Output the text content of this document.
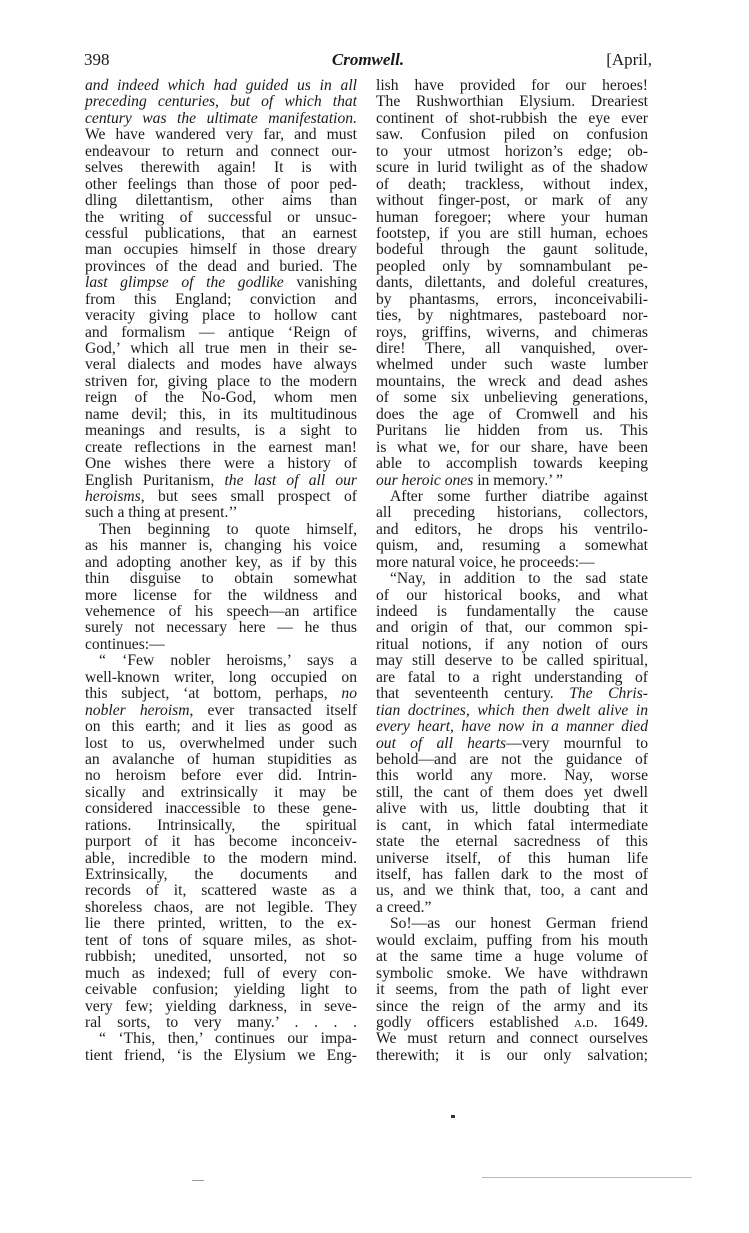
398	Cromwell.	[April,
and indeed which had guided us in all
preceding centuries, but of which that
century was the ultimate manifestation.
We have wandered very far, and must
endeavour to return and connect our-
selves therewith again! It is with
other feelings than those of poor ped-
dling dilettantism, other aims than
the writing of successful or unsuc-
cessful publications, that an earnest
man occupies himself in those dreary
provinces of the dead and buried. The
last glimpse of the godlike vanishing
from this England; conviction and
veracity giving place to hollow cant
and formalism — antique ‘Reign of
God,’ which all true men in their se-
veral dialects and modes have always
striven for, giving place to the modern
reign of the No-God, whom men
name devil; this, in its multitudinous
meanings and results, is a sight to
create reflections in the earnest man!
One wishes there were a history of
English Puritanism, the last of all our
heroisms, but sees small prospect of
such a thing at present.’’
Then beginning to quote himself,
as his manner is, changing his voice
and adopting another key, as if by this
thin disguise to obtain somewhat
more license for the wildness and
vehemence of his speech—an artifice
surely not necessary here — he thus
continues:—
“ ‘Few nobler heroisms,’ says a
well-known writer, long occupied on
this subject, ‘at bottom, perhaps, no
nobler heroism, ever transacted itself
on this earth; and it lies as good as
lost to us, overwhelmed under such
an avalanche of human stupidities as
no heroism before ever did. Intrin-
sically and extrinsically it may be
considered inaccessible to these gene-
rations. Intrinsically, the spiritual
purport of it has become inconceiv-
able, incredible to the modern mind.
Extrinsically, the documents and
records of it, scattered waste as a
shoreless chaos, are not legible. They
lie there printed, written, to the ex-
tent of tons of square miles, as shot-
rubbish; unedited, unsorted, not so
much as indexed; full of every con-
ceivable confusion; yielding light to
very few; yielding darkness, in seve-
ral sorts, to very many.’ . . . .
“ ‘This, then,’ continues our impa-
tient friend, ‘is the Elysium we Eng-
lish have provided for our heroes!
The Rushworthian Elysium. Dreariest
continent of shot-rubbish the eye ever
saw. Confusion piled on confusion
to your utmost horizon’s edge; ob-
scure in lurid twilight as of the shadow
of death; trackless, without index,
without finger-post, or mark of any
human foregoer; where your human
footstep, if you are still human, echoes
bodeful through the gaunt solitude,
peopled only by somnambulant pe-
dants, dilettants, and doleful creatures,
by phantasms, errors, inconceivabili-
ties, by nightmares, pasteboard nor-
roys, griffins, wiverns, and chimeras
dire! There, all vanquished, over-
whelmed under such waste lumber
mountains, the wreck and dead ashes
of some six unbelieving generations,
does the age of Cromwell and his
Puritans lie hidden from us. This
is what we, for our share, have been
able to accomplish towards keeping
our heroic ones in memory.’ ”
After some further diatribe against
all preceding historians, collectors,
and editors, he drops his ventrilo-
quism, and, resuming a somewhat
more natural voice, he proceeds:—
“Nay, in addition to the sad state
of our historical books, and what
indeed is fundamentally the cause
and origin of that, our common spi-
ritual notions, if any notion of ours
may still deserve to be called spiritual,
are fatal to a right understanding of
that seventeenth century. The Chris-
tian doctrines, which then dwelt alive in
every heart, have now in a manner died
out of all hearts—very mournful to
behold—and are not the guidance of
this world any more. Nay, worse
still, the cant of them does yet dwell
alive with us, little doubting that it
is cant, in which fatal intermediate
state the eternal sacredness of this
universe itself, of this human life
itself, has fallen dark to the most of
us, and we think that, too, a cant and
a creed.”
So!—as our honest German friend
would exclaim, puffing from his mouth
at the same time a huge volume of
symbolic smoke. We have withdrawn
it seems, from the path of light ever
since the reign of the army and its
godly officers established a.d. 1649.
We must return and connect ourselves
therewith; it is our only salvation;
